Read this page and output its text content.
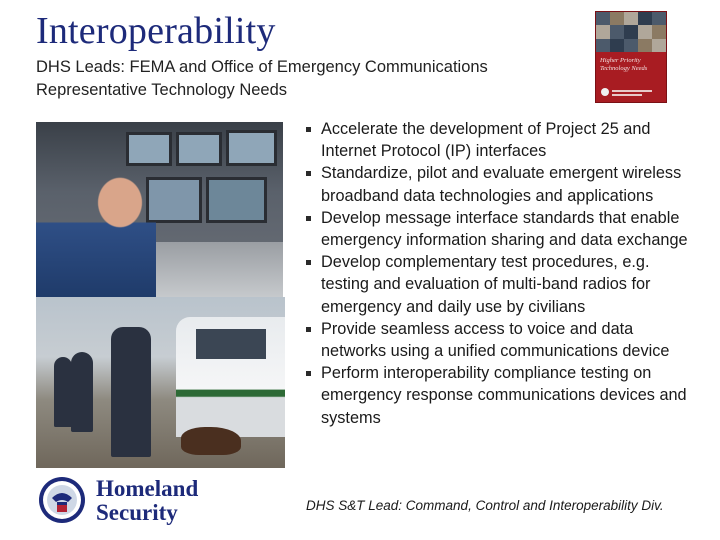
Interoperability
DHS Leads: FEMA and Office of Emergency Communications
Representative Technology Needs
Higher Priority Technology Needs
Accelerate the development of Project 25 and Internet Protocol (IP) interfaces
Standardize, pilot and evaluate emergent wireless broadband data technologies and applications
Develop message interface standards that enable emergency information sharing and data exchange
Develop complementary test procedures, e.g. testing and evaluation of multi-band radios for emergency and daily use by civilians
Provide seamless access to voice and data networks using a unified communications device
Perform interoperability compliance testing on emergency response communications devices and systems
DHS S&T Lead: Command, Control and Interoperability Div.
Homeland
Security
